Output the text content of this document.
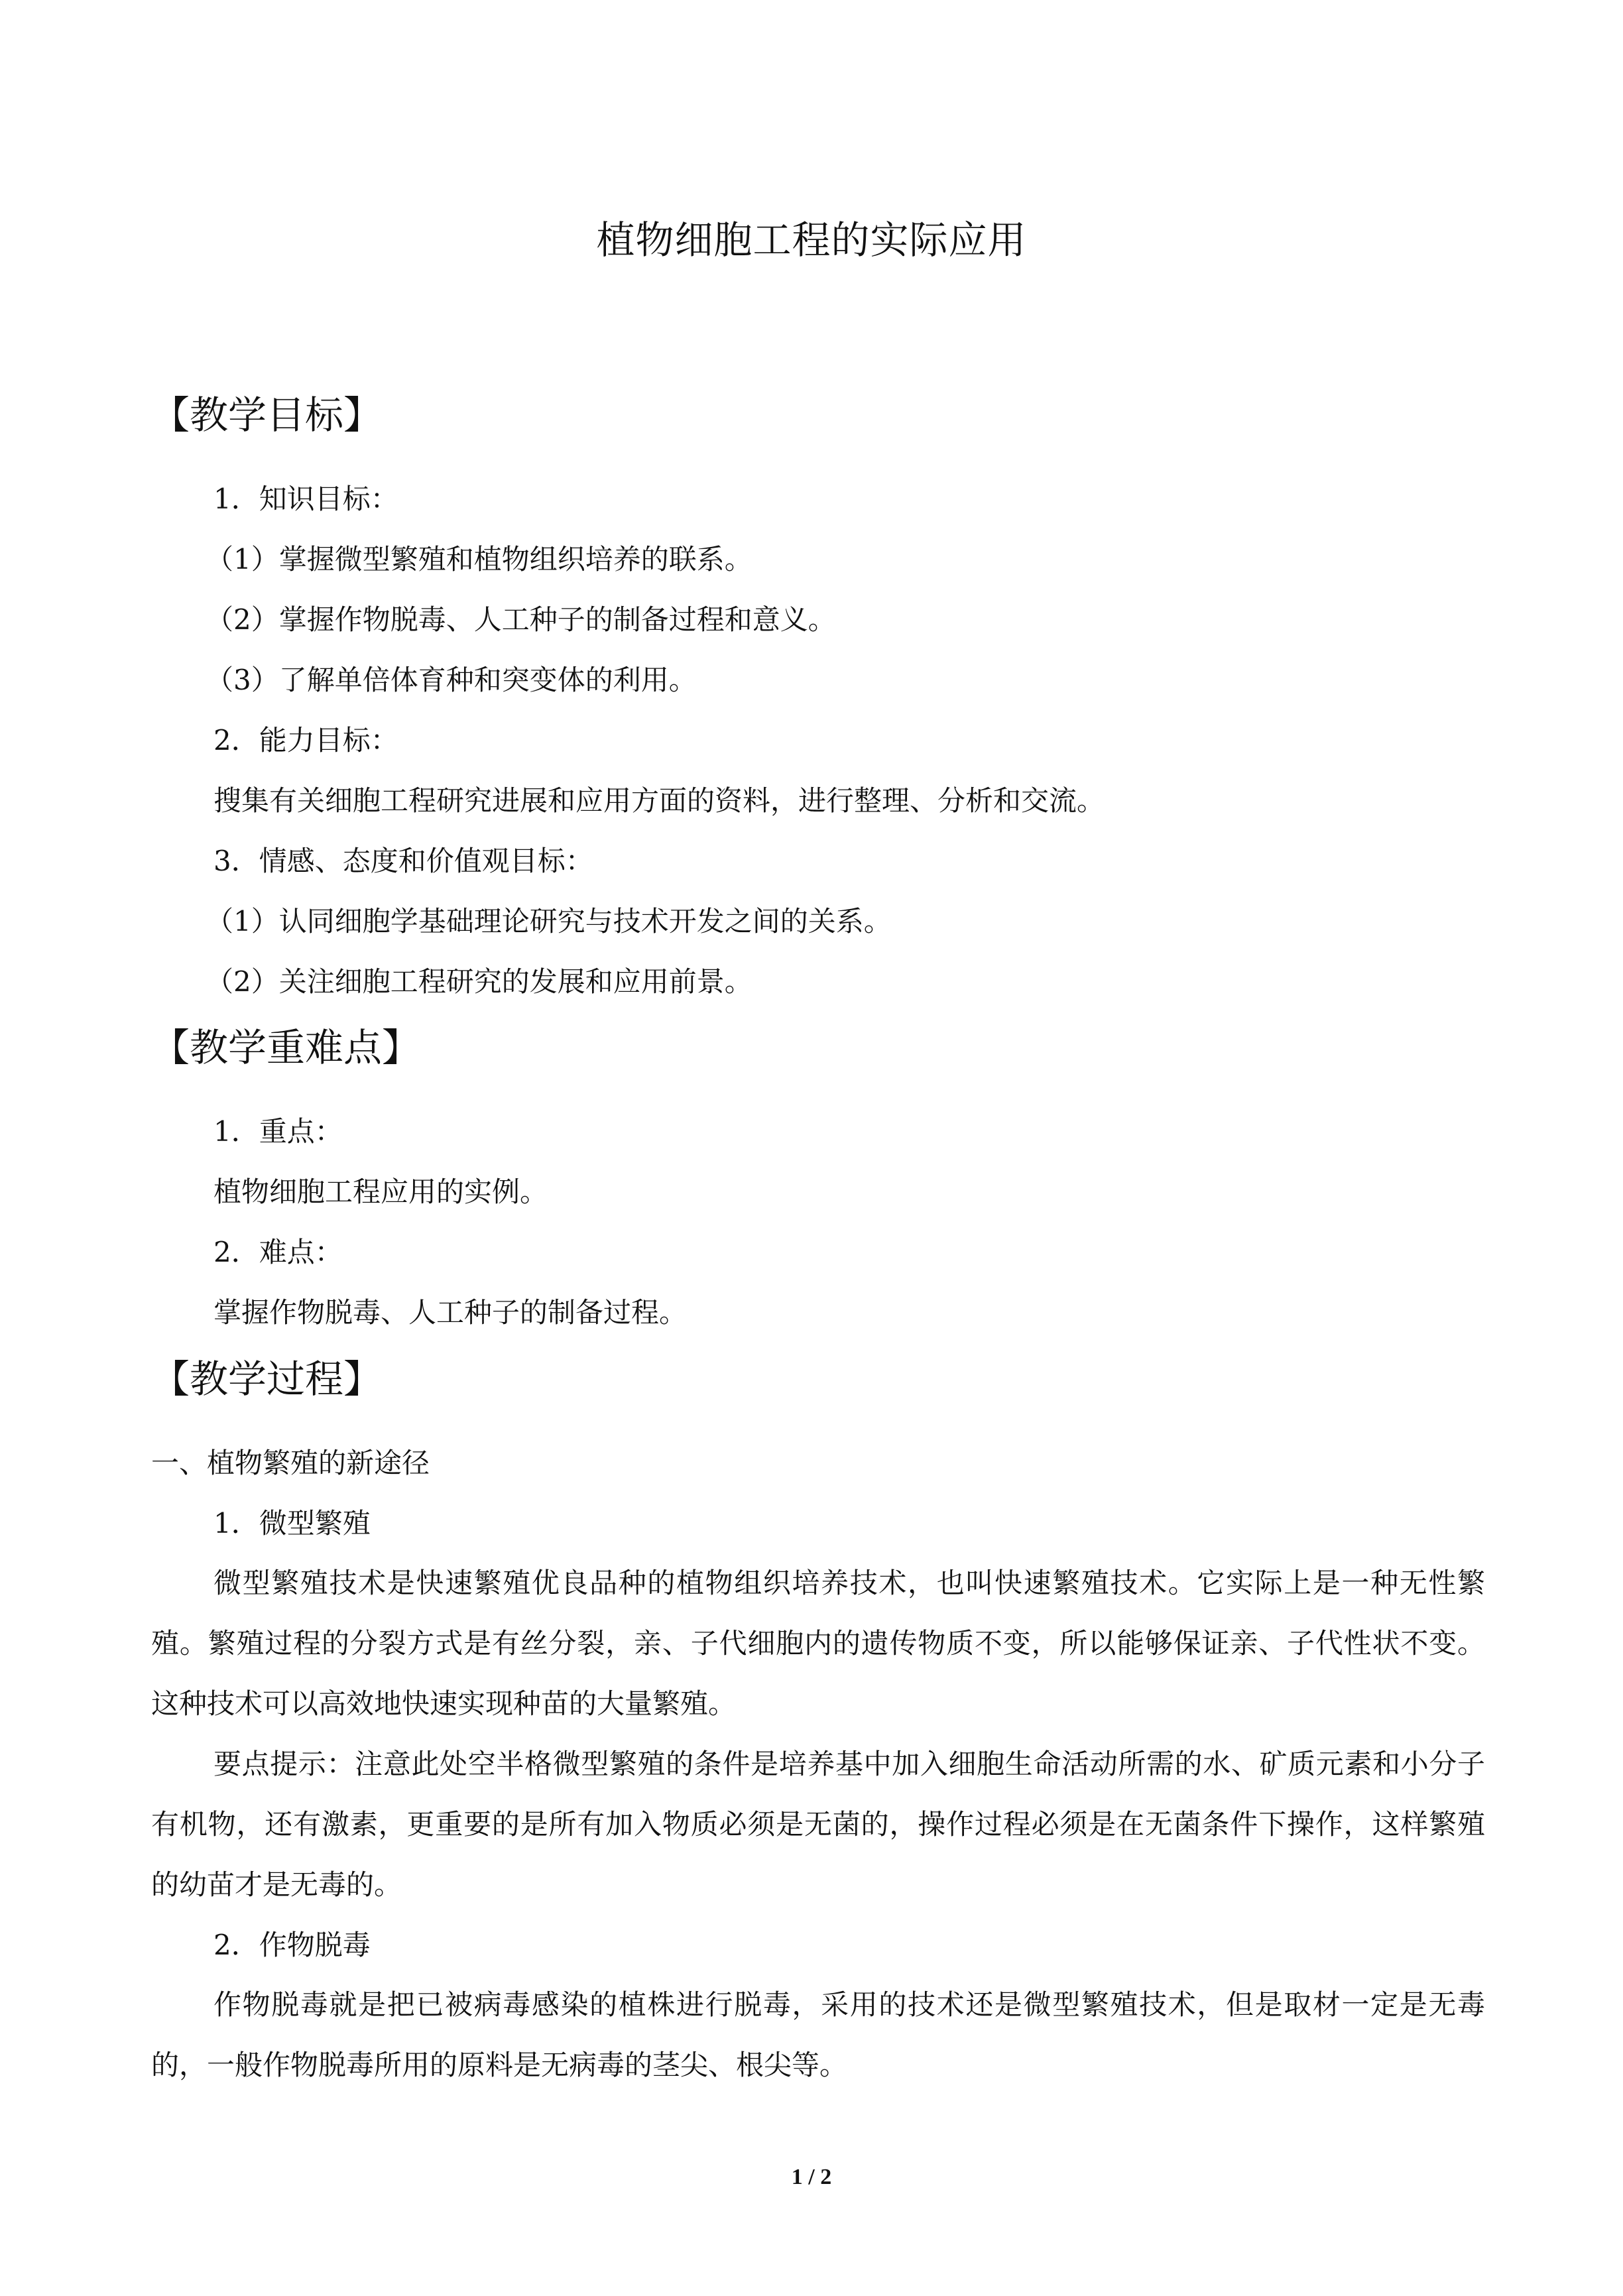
植物细胞工程的实际应用
【教学目标】
1．知识目标：
（1）掌握微型繁殖和植物组织培养的联系。
（2）掌握作物脱毒、人工种子的制备过程和意义。
（3）了解单倍体育种和突变体的利用。
2．能力目标：
搜集有关细胞工程研究进展和应用方面的资料，进行整理、分析和交流。
3．情感、态度和价值观目标：
（1）认同细胞学基础理论研究与技术开发之间的关系。
（2）关注细胞工程研究的发展和应用前景。
【教学重难点】
1．重点：
植物细胞工程应用的实例。
2．难点：
掌握作物脱毒、人工种子的制备过程。
【教学过程】
一、植物繁殖的新途径
1．微型繁殖
微型繁殖技术是快速繁殖优良品种的植物组织培养技术，也叫快速繁殖技术。它实际上是一种无性繁殖。繁殖过程的分裂方式是有丝分裂，亲、子代细胞内的遗传物质不变，所以能够保证亲、子代性状不变。这种技术可以高效地快速实现种苗的大量繁殖。
要点提示：注意此处空半格微型繁殖的条件是培养基中加入细胞生命活动所需的水、矿质元素和小分子有机物，还有激素，更重要的是所有加入物质必须是无菌的，操作过程必须是在无菌条件下操作，这样繁殖的幼苗才是无毒的。
2．作物脱毒
作物脱毒就是把已被病毒感染的植株进行脱毒，采用的技术还是微型繁殖技术，但是取材一定是无毒的，一般作物脱毒所用的原料是无病毒的茎尖、根尖等。
1 / 2
